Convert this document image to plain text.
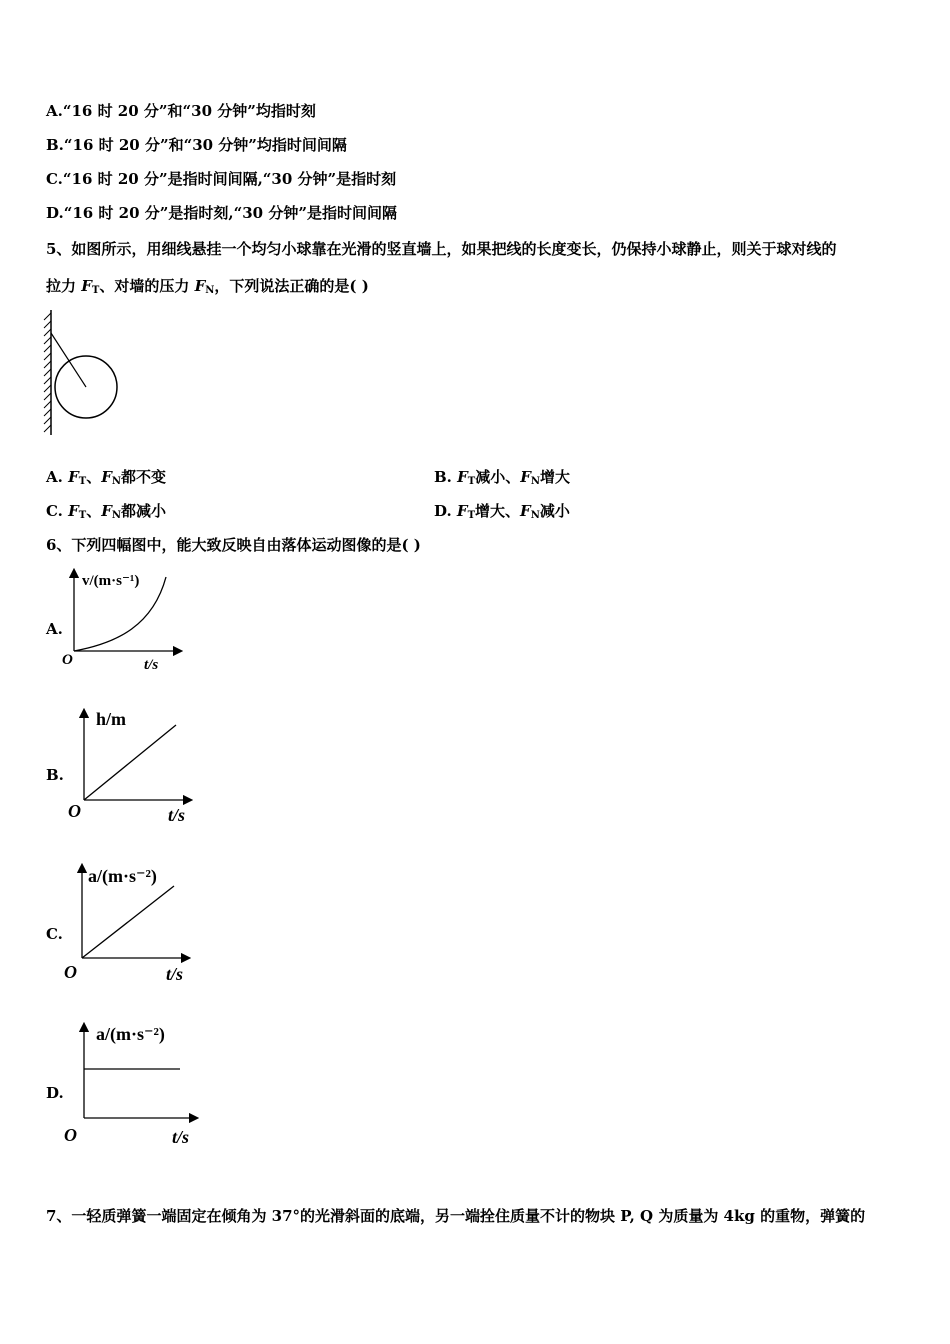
A.“16 时 20 分”和“30 分钟”均指时刻
B.“16 时 20 分”和“30 分钟”均指时间间隔
C.“16 时 20 分”是指时间间隔,“30 分钟”是指时刻
D.“16 时 20 分”是指时刻,“30 分钟”是指时间间隔
5、如图所示，用细线悬挂一个均匀小球靠在光滑的竖直墙上，如果把线的长度变长，仍保持小球静止，则关于球对线的
拉力 $F_T$、对墙的压力 $F_N$，下列说法正确的是( )
A. $F_T$、$F_N$都不变	B. $F_T$减小、$F_N$增大
C. $F_T$、$F_N$都减小	D. $F_T$增大、$F_N$减小
6、下列四幅图中，能大致反映自由落体运动图像的是( )
A.
v/(m·s⁻¹)
t/s
O
B.
h/m
t/s
O
C.
a/(m·s⁻²)
t/s
O
D.
a/(m·s⁻²)
t/s
O
7、一轻质弹簧一端固定在倾角为 37°的光滑斜面的底端，另一端拴住质量不计的物块 P, Q 为质量为 4kg 的重物，弹簧的
